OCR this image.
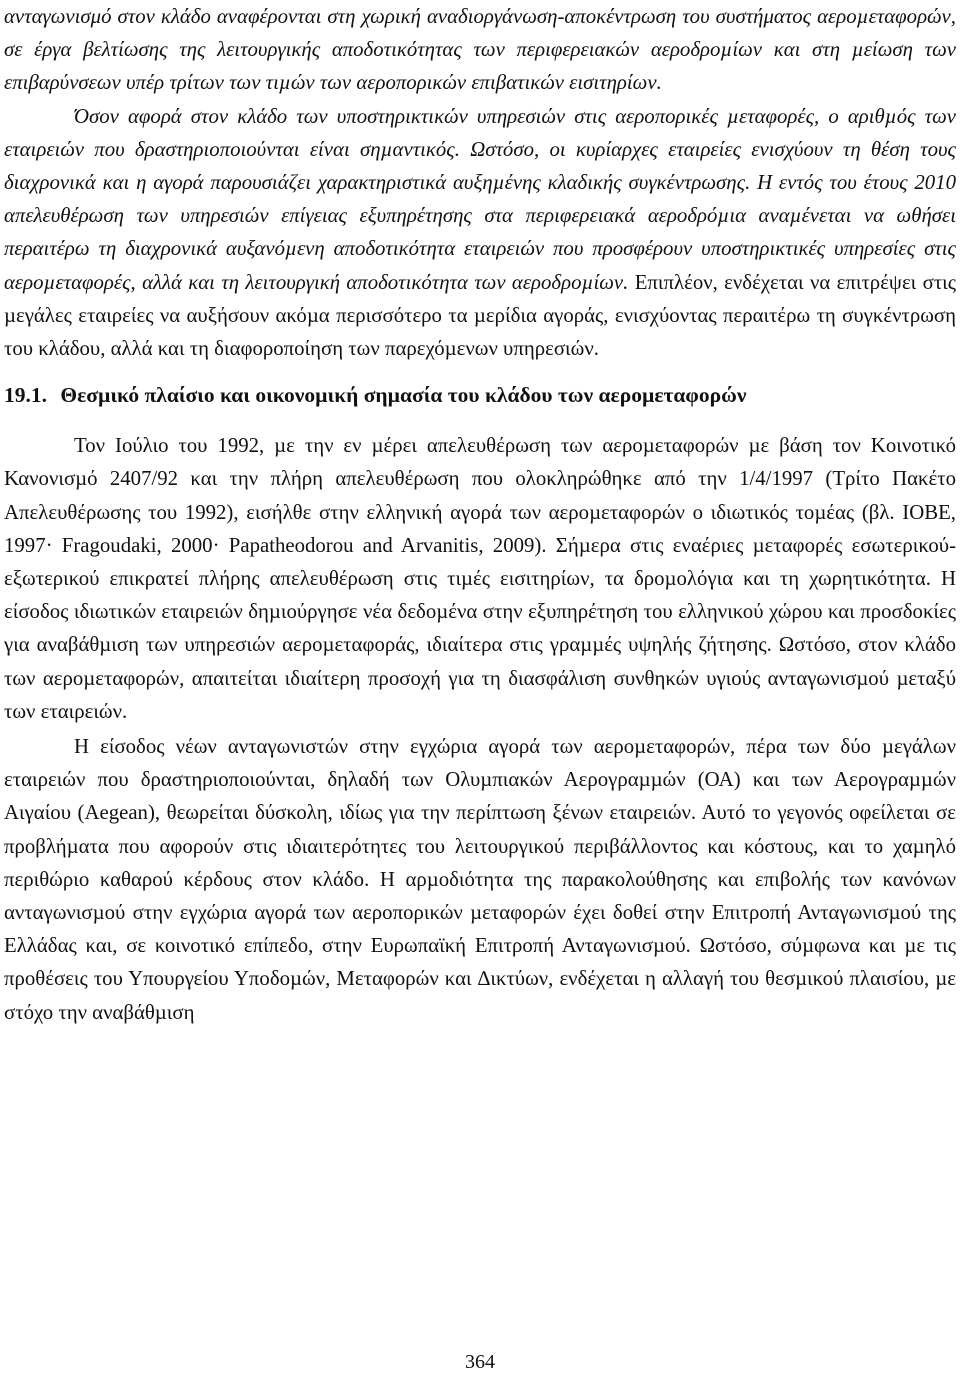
ανταγωνισμό στον κλάδο αναφέρονται στη χωρική αναδιοργάνωση-αποκέντρωση του συστήματος αεροµεταφορών, σε έργα βελτίωσης της λειτουργικής αποδοτικότητας των περιφερειακών αεροδροµίων και στη µείωση των επιβαρύνσεων υπέρ τρίτων των τιµών των αεροπορικών επιβατικών εισιτηρίων.

Όσον αφορά στον κλάδο των υποστηρικτικών υπηρεσιών στις αεροπορικές µεταφορές, ο αριθµός των εταιρειών που δραστηριοποιούνται είναι σηµαντικός. Ωστόσο, οι κυρίαρχες εταιρείες ενισχύουν τη θέση τους διαχρονικά και η αγορά παρουσιάζει χαρακτηριστικά αυξηµένης κλαδικής συγκέντρωσης. Η εντός του έτους 2010 απελευθέρωση των υπηρεσιών επίγειας εξυπηρέτησης στα περιφερειακά αεροδρόµια αναµένεται να ωθήσει περαιτέρω τη διαχρονικά αυξανόµενη αποδοτικότητα εταιρειών που προσφέρουν υποστηρικτικές υπηρεσίες στις αεροµεταφορές, αλλά και τη λειτουργική αποδοτικότητα των αεροδροµίων. Επιπλέον, ενδέχεται να επιτρέψει στις µεγάλες εταιρείες να αυξήσουν ακόµα περισσότερο τα µερίδια αγοράς, ενισχύοντας περαιτέρω τη συγκέντρωση του κλάδου, αλλά και τη διαφοροποίηση των παρεχόµενων υπηρεσιών.

19.1. Θεσµικό πλαίσιο και οικονοµική σηµασία του κλάδου των αεροµεταφορών

Τον Ιούλιο του 1992, µε την εν µέρει απελευθέρωση των αεροµεταφορών µε βάση τον Κοινοτικό Κανονισµό 2407/92 και την πλήρη απελευθέρωση που ολοκληρώθηκε από την 1/4/1997 (Τρίτο Πακέτο Απελευθέρωσης του 1992), εισήλθε στην ελληνική αγορά των αεροµεταφορών ο ιδιωτικός τοµέας (βλ. ΙΟΒΕ, 1997· Fragoudaki, 2000· Papatheodorou and Arvanitis, 2009). Σήµερα στις εναέριες µεταφορές εσωτερικού-εξωτερικού επικρατεί πλήρης απελευθέρωση στις τιµές εισιτηρίων, τα δροµολόγια και τη χωρητικότητα. Η είσοδος ιδιωτικών εταιρειών δηµιούργησε νέα δεδοµένα στην εξυπηρέτηση του ελληνικού χώρου και προσδοκίες για αναβάθµιση των υπηρεσιών αεροµεταφοράς, ιδιαίτερα στις γραµµές υψηλής ζήτησης. Ωστόσο, στον κλάδο των αεροµεταφορών, απαιτείται ιδιαίτερη προσοχή για τη διασφάλιση συνθηκών υγιούς ανταγωνισµού µεταξύ των εταιρειών.

Η είσοδος νέων ανταγωνιστών στην εγχώρια αγορά των αεροµεταφορών, πέρα των δύο µεγάλων εταιρειών που δραστηριοποιούνται, δηλαδή των Ολυµπιακών Αερογραµµών (ΟΑ) και των Αερογραµµών Αιγαίου (Aegean), θεωρείται δύσκολη, ιδίως για την περίπτωση ξένων εταιρειών. Αυτό το γεγονός οφείλεται σε προβλήµατα που αφορούν στις ιδιαιτερότητες του λειτουργικού περιβάλλοντος και κόστους, και το χαµηλό περιθώριο καθαρού κέρδους στον κλάδο. Η αρµοδιότητα της παρακολούθησης και επιβολής των κανόνων ανταγωνισµού στην εγχώρια αγορά των αεροπορικών µεταφορών έχει δοθεί στην Επιτροπή Ανταγωνισµού της Ελλάδας και, σε κοινοτικό επίπεδο, στην Ευρωπαϊκή Επιτροπή Ανταγωνισµού. Ωστόσο, σύµφωνα και µε τις προθέσεις του Υπουργείου Υποδοµών, Μεταφορών και ∆ικτύων, ενδέχεται η αλλαγή του θεσµικού πλαισίου, µε στόχο την αναβάθµιση

364
